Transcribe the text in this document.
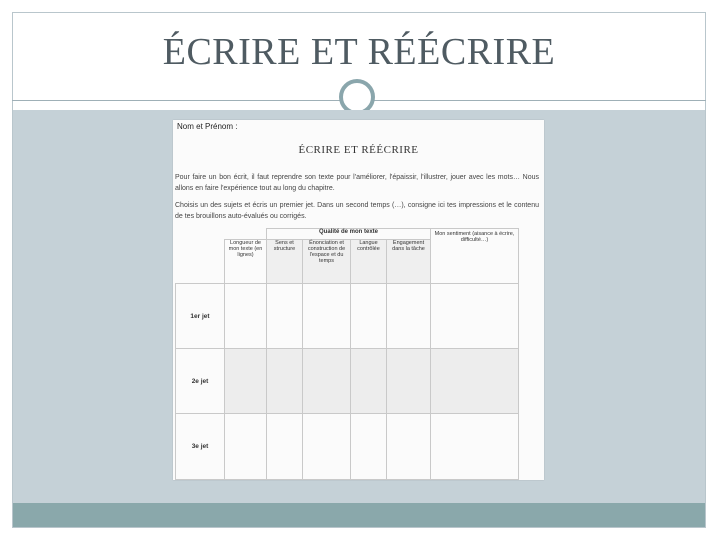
ÉCRIRE ET RÉÉCRIRE
Nom et Prénom :
ÉCRIRE ET RÉÉCRIRE
Pour faire un bon écrit, il faut reprendre son texte pour l'améliorer, l'épaissir, l'illustrer, jouer avec les mots… Nous allons en faire l'expérience tout au long du chapitre.
Choisis un des sujets et écris un premier jet. Dans un second temps (…), consigne ici tes impressions et le contenu de tes brouillons auto-évalués ou corrigés.
		Qualité de mon texte				Mon sentiment (aisance à écrire, difficulté…)
	Longueur de mon texte (en lignes)	Sens et structure	Énonciation et construction de l'espace et du temps	Langue contrôlée	Engagement dans la tâche	
1er jet						
2e jet						
3e jet						
